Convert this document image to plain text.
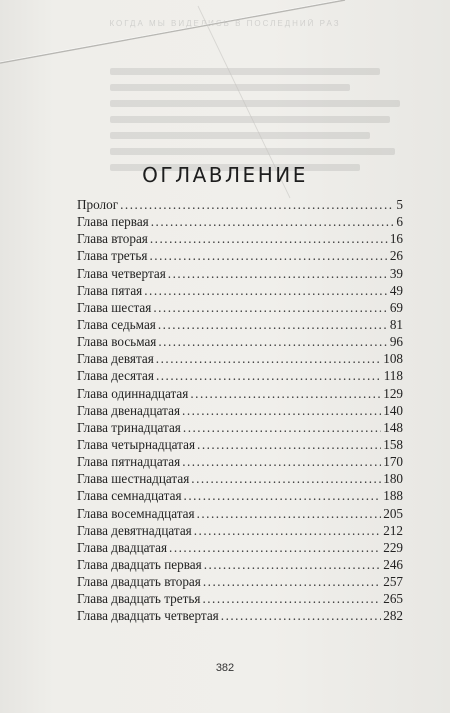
КОГДА МЫ ВИДЕЛИСЬ В ПОСЛЕДНИЙ РАЗ
ОГЛАВЛЕНИЕ
Пролог .....	5
Глава первая .....	6
Глава вторая .....	16
Глава третья .....	26
Глава четвертая .....	39
Глава пятая .....	49
Глава шестая .....	69
Глава седьмая .....	81
Глава восьмая .....	96
Глава девятая .....	108
Глава десятая .....	118
Глава одиннадцатая .....	129
Глава двенадцатая .....	140
Глава тринадцатая .....	148
Глава четырнадцатая .....	158
Глава пятнадцатая .....	170
Глава шестнадцатая .....	180
Глава семнадцатая .....	188
Глава восемнадцатая .....	205
Глава девятнадцатая .....	212
Глава двадцатая .....	229
Глава двадцать первая .....	246
Глава двадцать вторая .....	257
Глава двадцать третья .....	265
Глава двадцать четвертая .....	282
382
